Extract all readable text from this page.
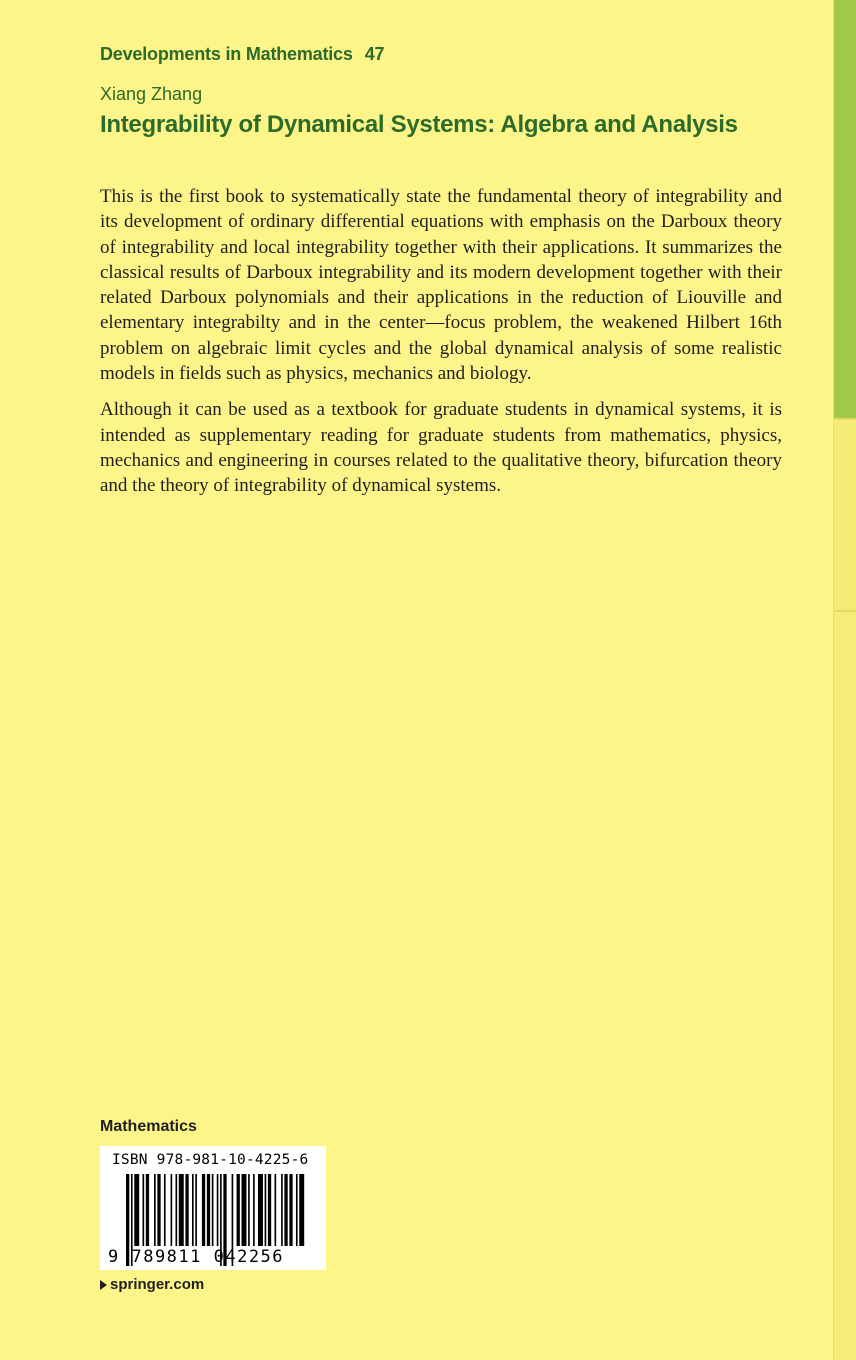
Developments in Mathematics 47
Xiang Zhang
Integrability of Dynamical Systems: Algebra and Analysis

This is the first book to systematically state the fundamental theory of integrability and its development of ordinary differential equations with emphasis on the Darboux theory of integrability and local integrability together with their applications. It summarizes the classical results of Darboux integrability and its modern development together with their related Darboux polynomials and their applications in the reduction of Liouville and elementary integrabilty and in the center—focus problem, the weakened Hilbert 16th problem on algebraic limit cycles and the global dynamical analysis of some realistic models in fields such as physics, mechanics and biology.

Although it can be used as a textbook for graduate students in dynamical systems, it is intended as supplementary reading for graduate students from mathematics, physics, mechanics and engineering in courses related to the qualitative theory, bifurcation theory and the theory of integrability of dynamical systems.

Mathematics
ISBN 978-981-10-4225-6
9 789811 042256
springer.com
